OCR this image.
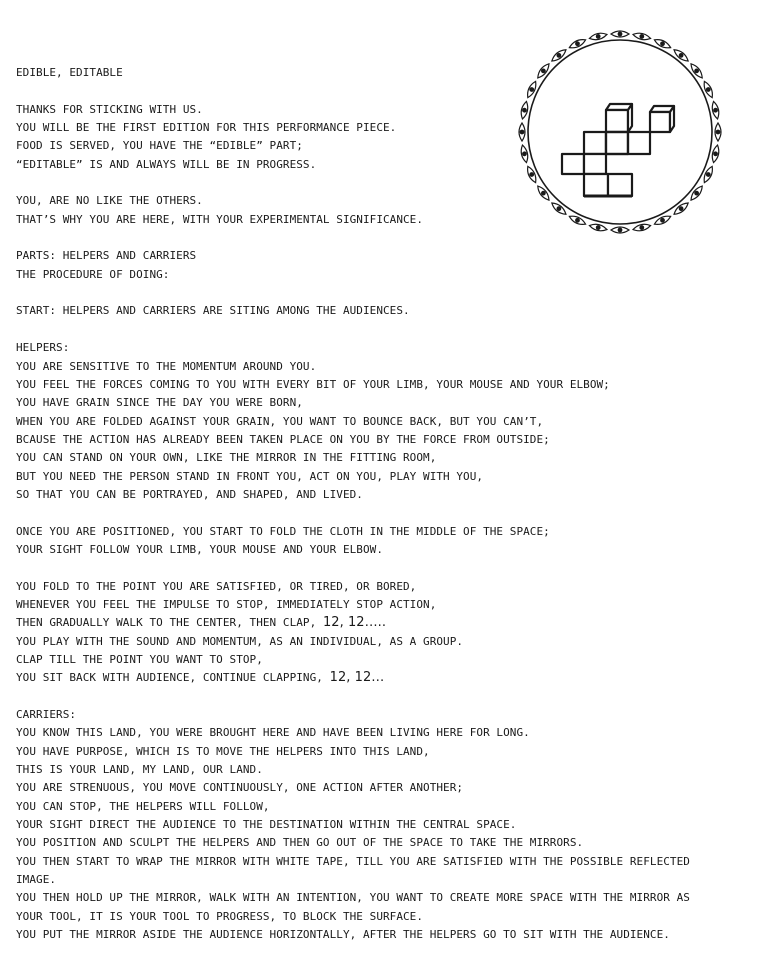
EDIBLE, EDITABLE
THANKS FOR STICKING WITH US.
YOU WILL BE THE FIRST EDITION FOR THIS PERFORMANCE PIECE.
FOOD IS SERVED, YOU HAVE THE “EDIBLE” PART;
“EDITABLE” IS AND ALWAYS WILL BE IN PROGRESS.
YOU, ARE NO LIKE THE OTHERS.
THAT’S WHY YOU ARE HERE, WITH YOUR EXPERIMENTAL SIGNIFICANCE.
PARTS: HELPERS AND CARRIERS
THE PROCEDURE OF DOING:
START: HELPERS AND CARRIERS ARE SITING AMONG THE AUDIENCES.
HELPERS:
YOU ARE SENSITIVE TO THE MOMENTUM AROUND YOU.
YOU FEEL THE FORCES COMING TO YOU WITH EVERY BIT OF YOUR LIMB, YOUR MOUSE AND YOUR ELBOW;
YOU HAVE GRAIN SINCE THE DAY YOU WERE BORN,
WHEN YOU ARE FOLDED AGAINST YOUR GRAIN, YOU WANT TO BOUNCE BACK, BUT YOU CAN’T,
BCAUSE THE ACTION HAS ALREADY BEEN TAKEN PLACE ON YOU BY THE FORCE FROM OUTSIDE;
YOU CAN STAND ON YOUR OWN, LIKE THE MIRROR IN THE FITTING ROOM,
BUT YOU NEED THE PERSON STAND IN FRONT YOU, ACT ON YOU, PLAY WITH YOU,
SO THAT YOU CAN BE PORTRAYED, AND SHAPED, AND LIVED.
ONCE YOU ARE POSITIONED, YOU START TO FOLD THE CLOTH IN THE MIDDLE OF THE SPACE;
YOUR SIGHT FOLLOW YOUR LIMB, YOUR MOUSE AND YOUR ELBOW.
YOU FOLD TO THE POINT YOU ARE SATISFIED, OR TIRED, OR BORED,
WHENEVER YOU FEEL THE IMPULSE TO STOP, IMMEDIATELY STOP ACTION,
THEN GRADUALLY WALK TO THE CENTER, THEN CLAP, 12, 12…..
YOU PLAY WITH THE SOUND AND MOMENTUM, AS AN INDIVIDUAL, AS A GROUP.
CLAP TILL THE POINT YOU WANT TO STOP,
YOU SIT BACK WITH AUDIENCE, CONTINUE CLAPPING, 12, 12…
CARRIERS:
YOU KNOW THIS LAND, YOU WERE BROUGHT HERE AND HAVE BEEN LIVING HERE FOR LONG.
YOU HAVE PURPOSE, WHICH IS TO MOVE THE HELPERS INTO THIS LAND,
THIS IS YOUR LAND, MY LAND, OUR LAND.
YOU ARE STRENUOUS, YOU MOVE CONTINUOUSLY, ONE ACTION AFTER ANOTHER;
YOU CAN STOP, THE HELPERS WILL FOLLOW,
YOUR SIGHT DIRECT THE AUDIENCE TO THE DESTINATION WITHIN THE CENTRAL SPACE.
YOU POSITION AND SCULPT THE HELPERS AND THEN GO OUT OF THE SPACE TO TAKE THE MIRRORS.
YOU THEN START TO WRAP THE MIRROR WITH WHITE TAPE, TILL YOU ARE SATISFIED WITH THE POSSIBLE REFLECTED
IMAGE.
YOU THEN HOLD UP THE MIRROR, WALK WITH AN INTENTION, YOU WANT TO CREATE MORE SPACE WITH THE MIRROR AS
YOUR TOOL, IT IS YOUR TOOL TO PROGRESS, TO BLOCK THE SURFACE.
YOU PUT THE MIRROR ASIDE THE AUDIENCE HORIZONTALLY, AFTER THE HELPERS GO TO SIT WITH THE AUDIENCE.
